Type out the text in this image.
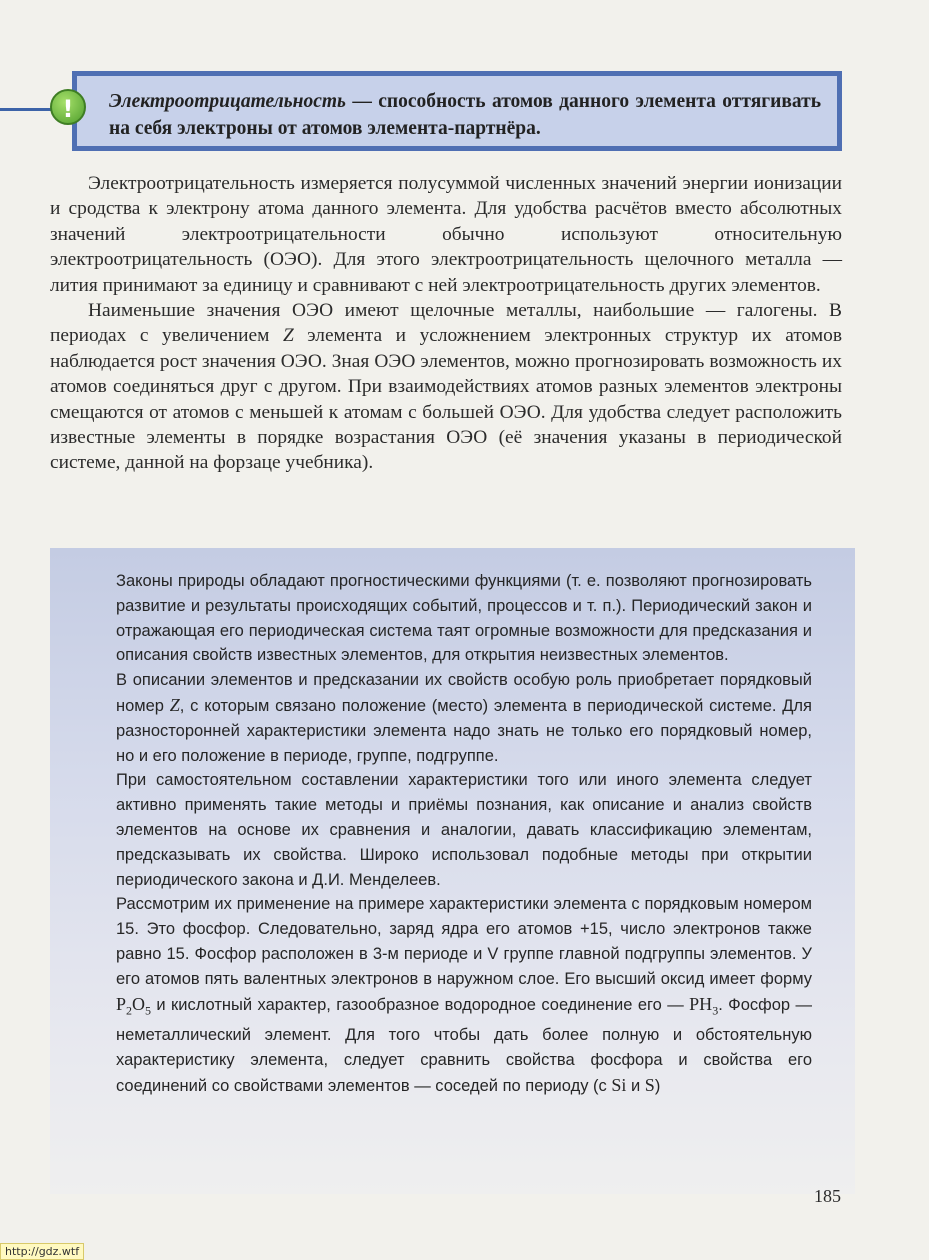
Электроотрицательность — способность атомов данного элемента оттягивать на себя электроны от атомов элемента-партнёра.
!

Электроотрицательность измеряется полусуммой численных значений энергии ионизации и сродства к электрону атома данного элемента. Для удобства расчётов вместо абсолютных значений электроотрицательности обычно используют относительную электроотрицательность (ОЭО). Для этого электроотрицательность щелочного металла — лития принимают за единицу и сравнивают с ней электроотрицательность других элементов.

Наименьшие значения ОЭО имеют щелочные металлы, наибольшие — галогены. В периодах с увеличением Z элемента и усложнением электронных структур их атомов наблюдается рост значения ОЭО. Зная ОЭО элементов, можно прогнозировать возможность их атомов соединяться друг с другом. При взаимодействиях атомов разных элементов электроны смещаются от атомов с меньшей к атомам с большей ОЭО. Для удобства следует расположить известные элементы в порядке возрастания ОЭО (её значения указаны в периодической системе, данной на форзаце учебника).

Законы природы обладают прогностическими функциями (т. е. позволяют прогнозировать развитие и результаты происходящих событий, процессов и т. п.). Периодический закон и отражающая его периодическая система таят огромные возможности для предсказания и описания свойств известных элементов, для открытия неизвестных элементов.

В описании элементов и предсказании их свойств особую роль приобретает порядковый номер Z, с которым связано положение (место) элемента в периодической системе. Для разносторонней характеристики элемента надо знать не только его порядковый номер, но и его положение в периоде, группе, подгруппе.

При самостоятельном составлении характеристики того или иного элемента следует активно применять такие методы и приёмы познания, как описание и анализ свойств элементов на основе их сравнения и аналогии, давать классификацию элементам, предсказывать их свойства. Широко использовал подобные методы при открытии периодического закона и Д.И. Менделеев.

Рассмотрим их применение на примере характеристики элемента с порядковым номером 15. Это фосфор. Следовательно, заряд ядра его атомов +15, число электронов также равно 15. Фосфор расположен в 3-м периоде и V группе главной подгруппы элементов. У его атомов пять валентных электронов в наружном слое. Его высший оксид имеет форму $P_2O_5$ и кислотный характер, газообразное водородное соединение его — $PH_3$. Фосфор — неметаллический элемент. Для того чтобы дать более полную и обстоятельную характеристику элемента, следует сравнить свойства фосфора и свойства его соединений со свойствами элементов — соседей по периоду (с Si и S)

185
http://gdz.wtf
